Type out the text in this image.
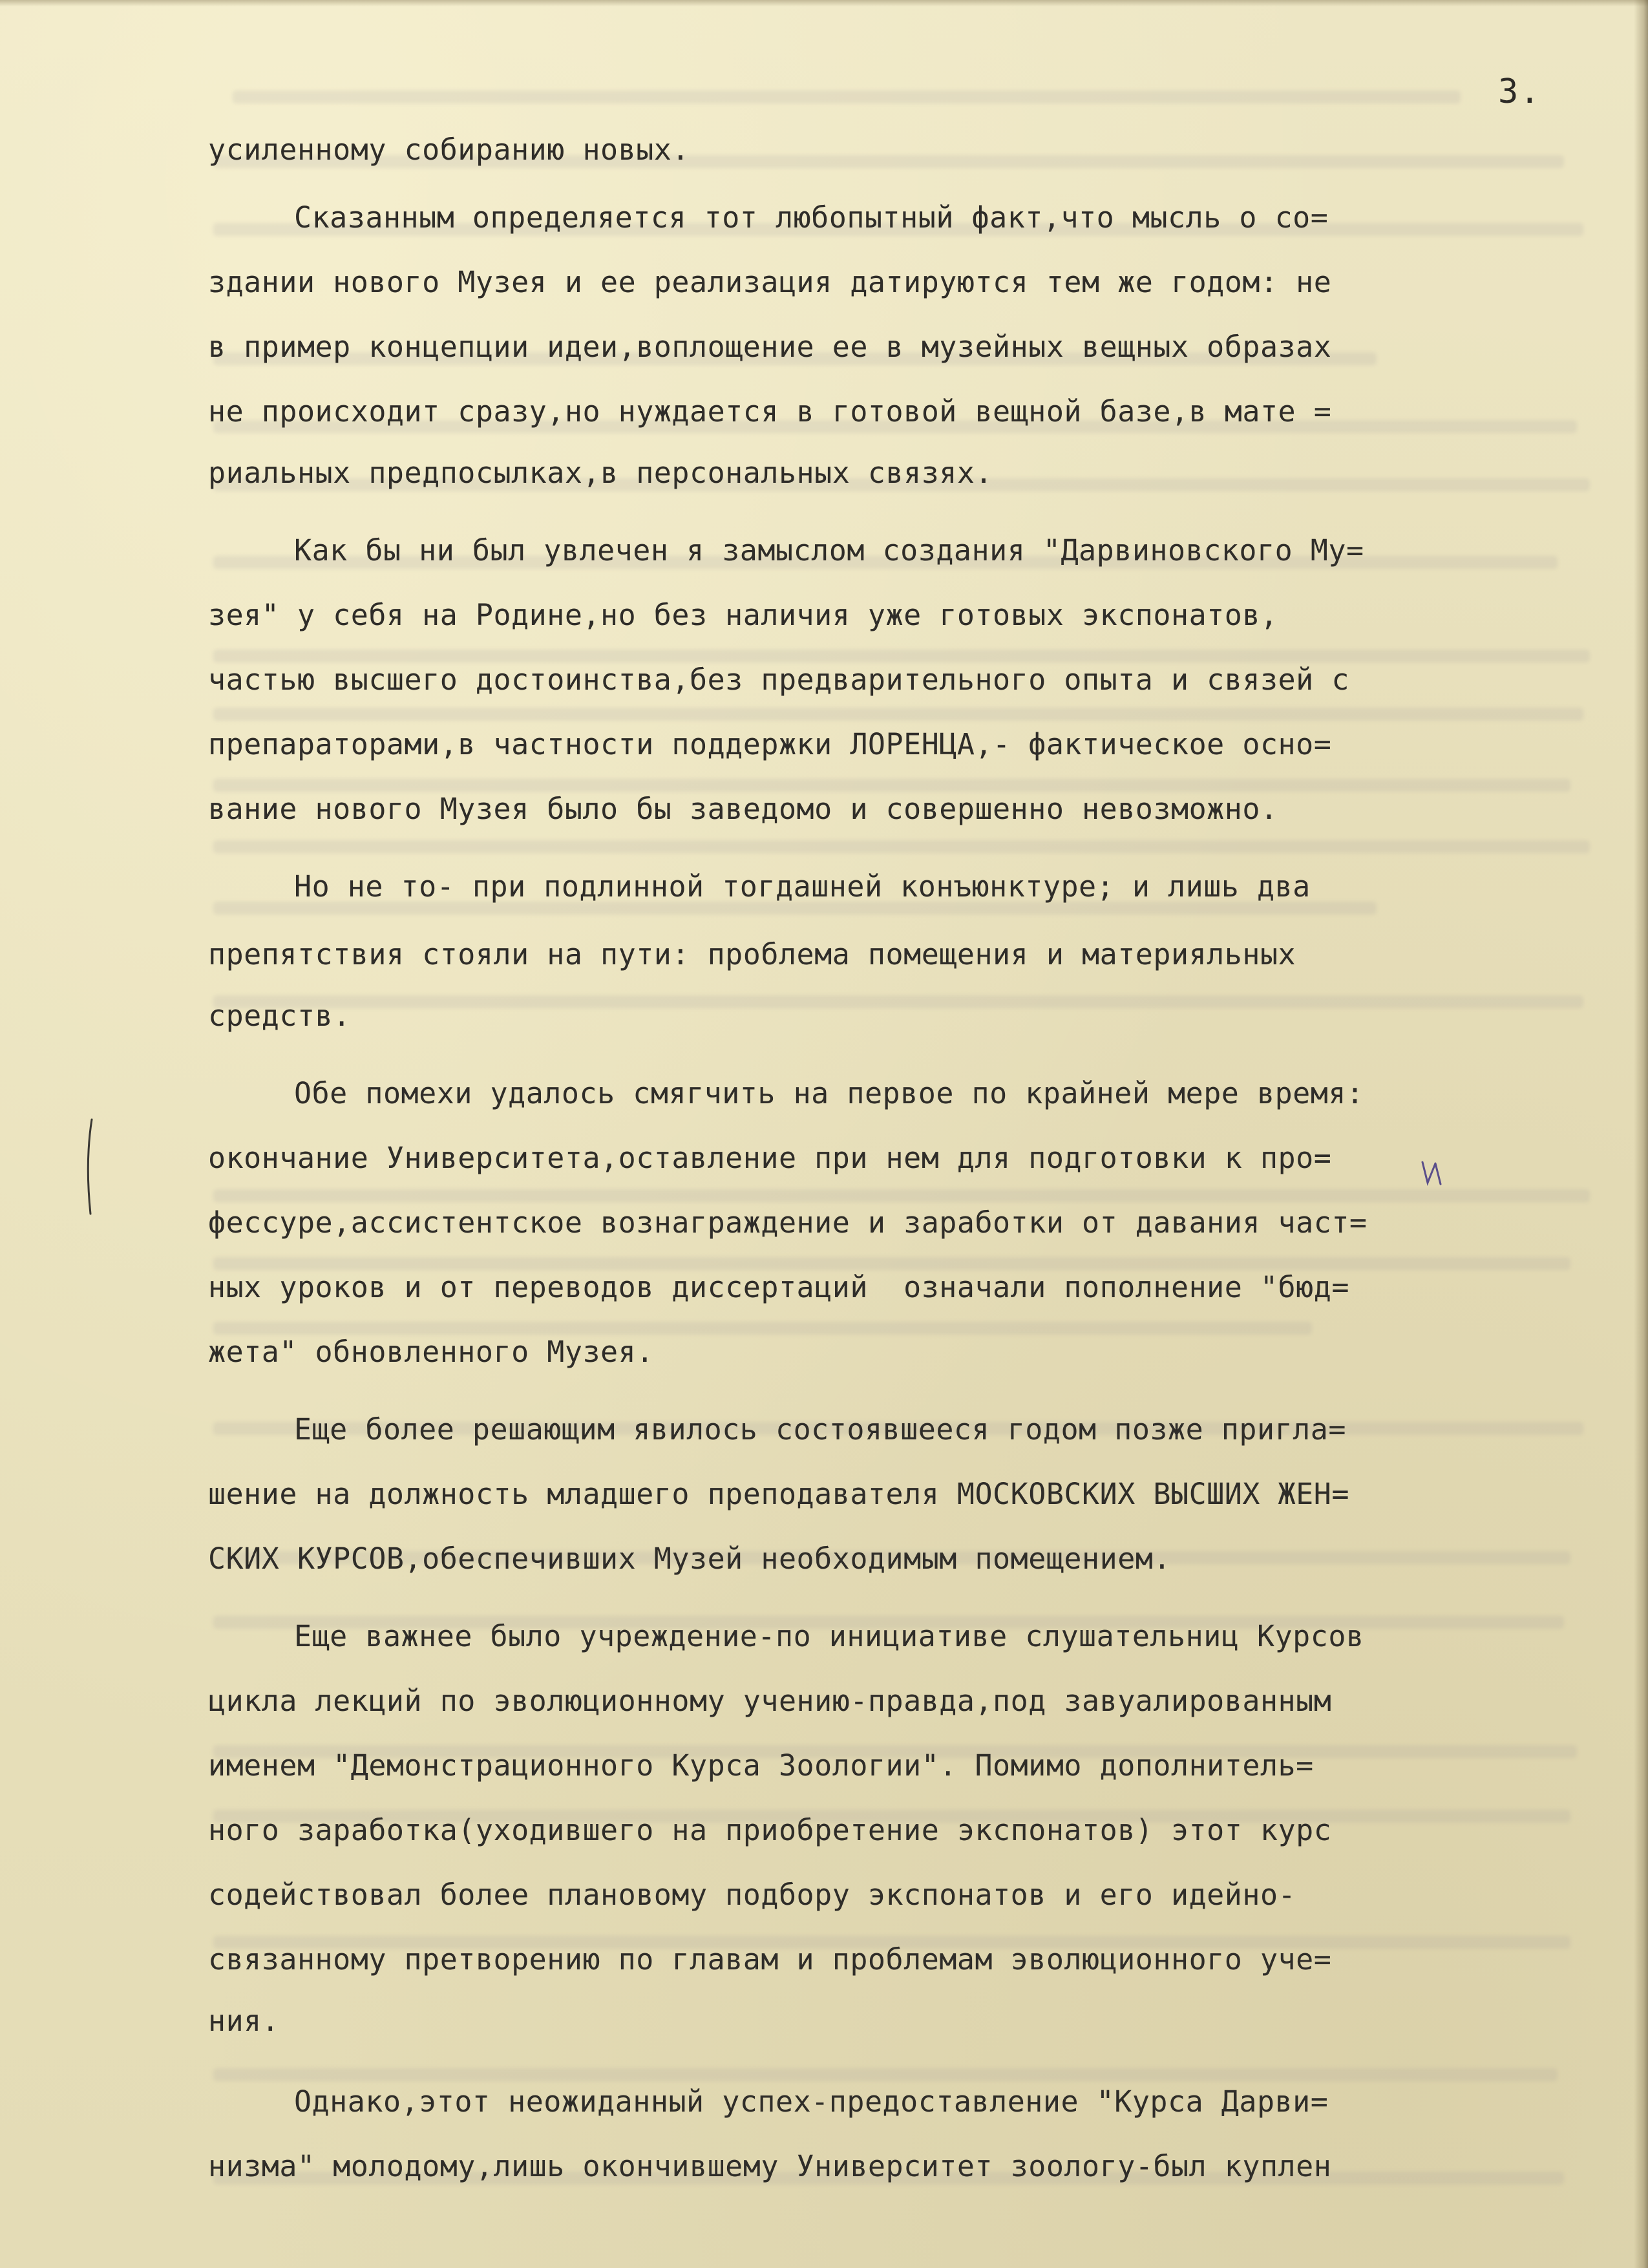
3.

усиленному собиранию новых.

Сказанным определяется тот любопытный факт,что мысль о со=

здании нового Музея и ее реализация датируются тем же годом: не

в пример концепции идеи,воплощение ее в музейных вещных образах

не происходит сразу,но нуждается в готовой вещной базе,в мате =

риальных предпосылках,в персональных связях.

Как бы ни был увлечен я замыслом создания "Дарвиновского Му=

зея" у себя на Родине,но без наличия уже готовых экспонатов,

частью высшего достоинства,без предварительного опыта и связей с

препараторами,в частности поддержки ЛОРЕНЦА,- фактическое осно=

вание нового Музея было бы заведомо и совершенно невозможно.

Но не то- при подлинной тогдашней конъюнктуре; и лишь два

препятствия стояли на пути: проблема помещения и материяльных

средств.

Обе помехи удалось смягчить на первое по крайней мере время:

окончание Университета,оставление при нем для подготовки к про=

фессуре,ассистентское вознаграждение и заработки от давания част=

ных уроков и от переводов диссертаций  означали пополнение "бюд=

жета" обновленного Музея.

Еще более решающим явилось состоявшееся годом позже пригла=

шение на должность младшего преподавателя МОСКОВСКИХ ВЫСШИХ ЖЕН=

СКИХ КУРСОВ,обеспечивших Музей необходимым помещением.

Еще важнее было учреждение-по инициативе слушательниц Курсов

цикла лекций по эволюционному учению-правда,под завуалированным

именем "Демонстрационного Курса Зоологии". Помимо дополнитель=

ного заработка(уходившего на приобретение экспонатов) этот курс

содействовал более плановому подбору экспонатов и его идейно-

связанному претворению по главам и проблемам эволюционного уче=

ния.

Однако,этот неожиданный успех-предоставление "Курса Дарви=

низма" молодому,лишь окончившему Университет зоологу-был куплен
